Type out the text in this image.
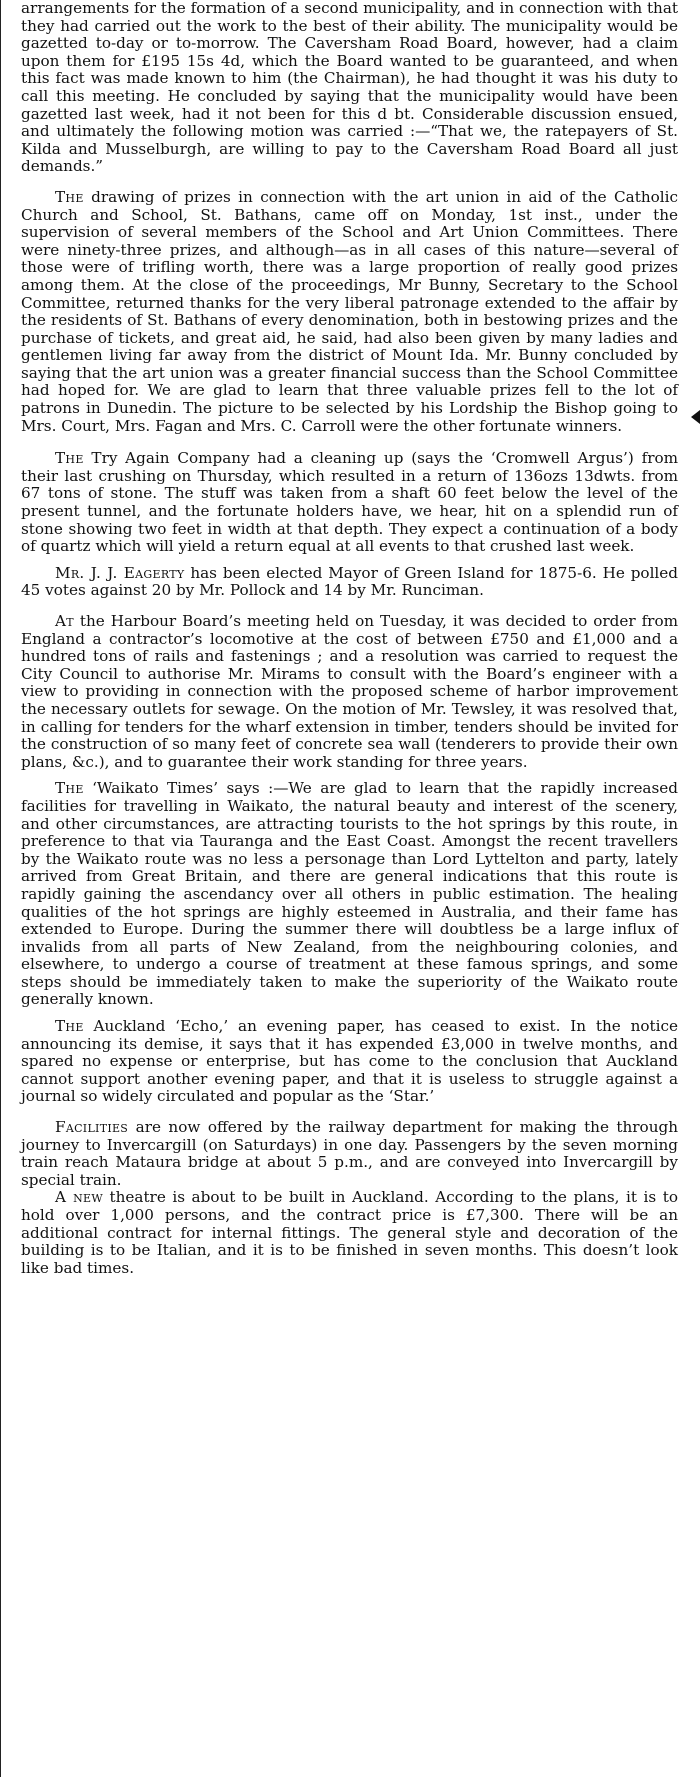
arrangements for the formation of a second municipality, and in connection with that they had carried out the work to the best of their ability. The municipality would be gazetted to-day or to-morrow. The Caversham Road Board, however, had a claim upon them for £195 15s 4d, which the Board wanted to be guaranteed, and when this fact was made known to him (the Chairman), he had thought it was his duty to call this meeting. He concluded by saying that the municipality would have been gazetted last week, had it not been for this d bt. Considerable discussion ensued, and ultimately the following motion was carried :—“That we, the ratepayers of St. Kilda and Musselburgh, are willing to pay to the Caversham Road Board all just demands.”

The drawing of prizes in connection with the art union in aid of the Catholic Church and School, St. Bathans, came off on Monday, 1st inst., under the supervision of several members of the School and Art Union Committees. There were ninety-three prizes, and although—as in all cases of this nature—several of those were of trifling worth, there was a large proportion of really good prizes among them. At the close of the proceedings, Mr Bunny, Secretary to the School Committee, returned thanks for the very liberal patronage extended to the affair by the residents of St. Bathans of every denomination, both in bestowing prizes and the purchase of tickets, and great aid, he said, had also been given by many ladies and gentlemen living far away from the district of Mount Ida. Mr. Bunny concluded by saying that the art union was a greater financial success than the School Committee had hoped for. We are glad to learn that three valuable prizes fell to the lot of patrons in Dunedin. The picture to be selected by his Lordship the Bishop going to Mrs. Court, Mrs. Fagan and Mrs. C. Carroll were the other fortunate winners.

The Try Again Company had a cleaning up (says the ‘Cromwell Argus’) from their last crushing on Thursday, which resulted in a return of 136ozs 13dwts. from 67 tons of stone. The stuff was taken from a shaft 60 feet below the level of the present tunnel, and the fortunate holders have, we hear, hit on a splendid run of stone showing two feet in width at that depth. They expect a continuation of a body of quartz which will yield a return equal at all events to that crushed last week.

Mr. J. J. Eagerty has been elected Mayor of Green Island for 1875-6. He polled 45 votes against 20 by Mr. Pollock and 14 by Mr. Runciman.

At the Harbour Board’s meeting held on Tuesday, it was decided to order from England a contractor’s locomotive at the cost of between £750 and £1,000 and a hundred tons of rails and fastenings ; and a resolution was carried to request the City Council to authorise Mr. Mirams to consult with the Board’s engineer with a view to providing in connection with the proposed scheme of harbor improvement the necessary outlets for sewage. On the motion of Mr. Tewsley, it was resolved that, in calling for tenders for the wharf extension in timber, tenders should be invited for the construction of so many feet of concrete sea wall (tenderers to provide their own plans, &c.), and to guarantee their work standing for three years.

The ‘Waikato Times’ says :—We are glad to learn that the rapidly increased facilities for travelling in Waikato, the natural beauty and interest of the scenery, and other circumstances, are attracting tourists to the hot springs by this route, in preference to that via Tauranga and the East Coast. Amongst the recent travellers by the Waikato route was no less a personage than Lord Lyttelton and party, lately arrived from Great Britain, and there are general indications that this route is rapidly gaining the ascendancy over all others in public estimation. The healing qualities of the hot springs are highly esteemed in Australia, and their fame has extended to Europe. During the summer there will doubtless be a large influx of invalids from all parts of New Zealand, from the neighbouring colonies, and elsewhere, to undergo a course of treatment at these famous springs, and some steps should be immediately taken to make the superiority of the Waikato route generally known.

The Auckland ‘Echo,’ an evening paper, has ceased to exist. In the notice announcing its demise, it says that it has expended £3,000 in twelve months, and spared no expense or enterprise, but has come to the conclusion that Auckland cannot support another evening paper, and that it is useless to struggle against a journal so widely circulated and popular as the ‘Star.’

Facilities are now offered by the railway department for making the through journey to Invercargill (on Saturdays) in one day. Passengers by the seven morning train reach Mataura bridge at about 5 p.m., and are conveyed into Invercargill by special train.

A new theatre is about to be built in Auckland. According to the plans, it is to hold over 1,000 persons, and the contract price is £7,300. There will be an additional contract for internal fittings. The general style and decoration of the building is to be Italian, and it is to be finished in seven months. This doesn’t look like bad times.
